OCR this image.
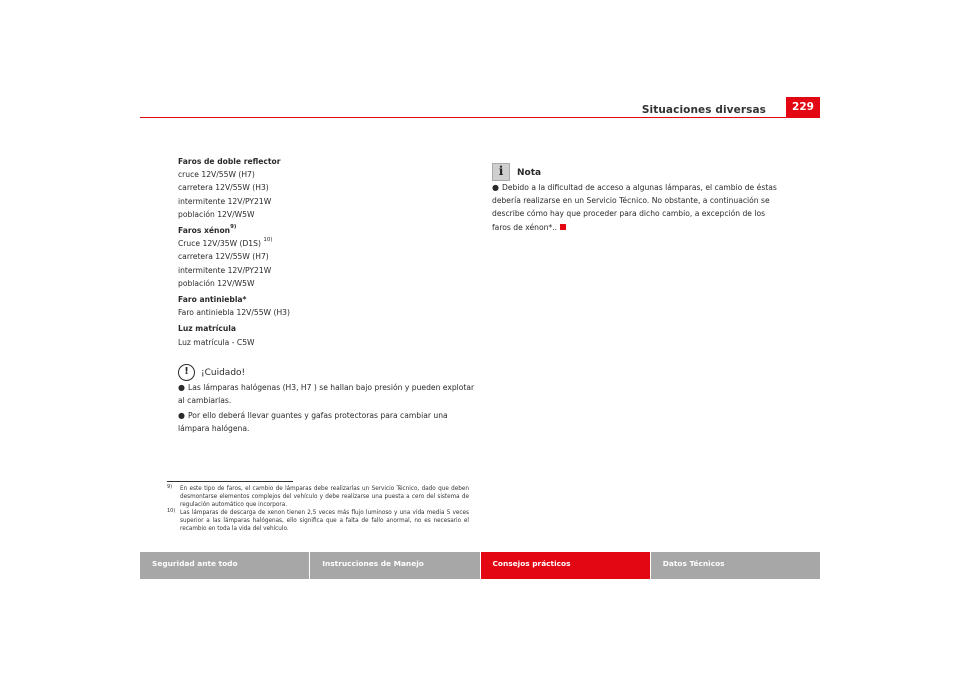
Situaciones diversas	229
Faros de doble reflector
cruce 12V/55W (H7)
carretera 12V/55W (H3)
intermitente 12V/PY21W
población 12V/W5W
Faros xénon$^{9)}$
Cruce 12V/35W (D1S) $^{10)}$
carretera 12V/55W (H7)
intermitente 12V/PY21W
población 12V/W5W
Faro antiniebla*
Faro antiniebla 12V/55W (H3)
Luz matrícula
Luz matrícula - C5W
!	¡Cuidado!
● Las lámparas halógenas (H3, H7 ) se hallan bajo presión y pueden explotar al cambiarlas.
● Por ello deberá llevar guantes y gafas protectoras para cambiar una lámpara halógena.
i	Nota
● Debido a la dificultad de acceso a algunas lámparas, el cambio de éstas debería realizarse en un Servicio Técnico. No obstante, a continuación se describe cómo hay que proceder para dicho cambio, a excepción de los faros de xénon*..
9) En este tipo de faros, el cambio de lámparas debe realizarlas un Servicio Técnico, dado que deben desmontarse elementos complejos del vehículo y debe realizarse una puesta a cero del sistema de regulación automático que incorpora.
10) Las lámparas de descarga de xenon tienen 2,5 veces más flujo luminoso y una vida media 5 veces superior a las lámparas halógenas, ello significa que a falta de fallo anormal, no es necesario el recambio en toda la vida del vehículo.
Seguridad ante todo	Instrucciones de Manejo	Consejos prácticos	Datos Técnicos
